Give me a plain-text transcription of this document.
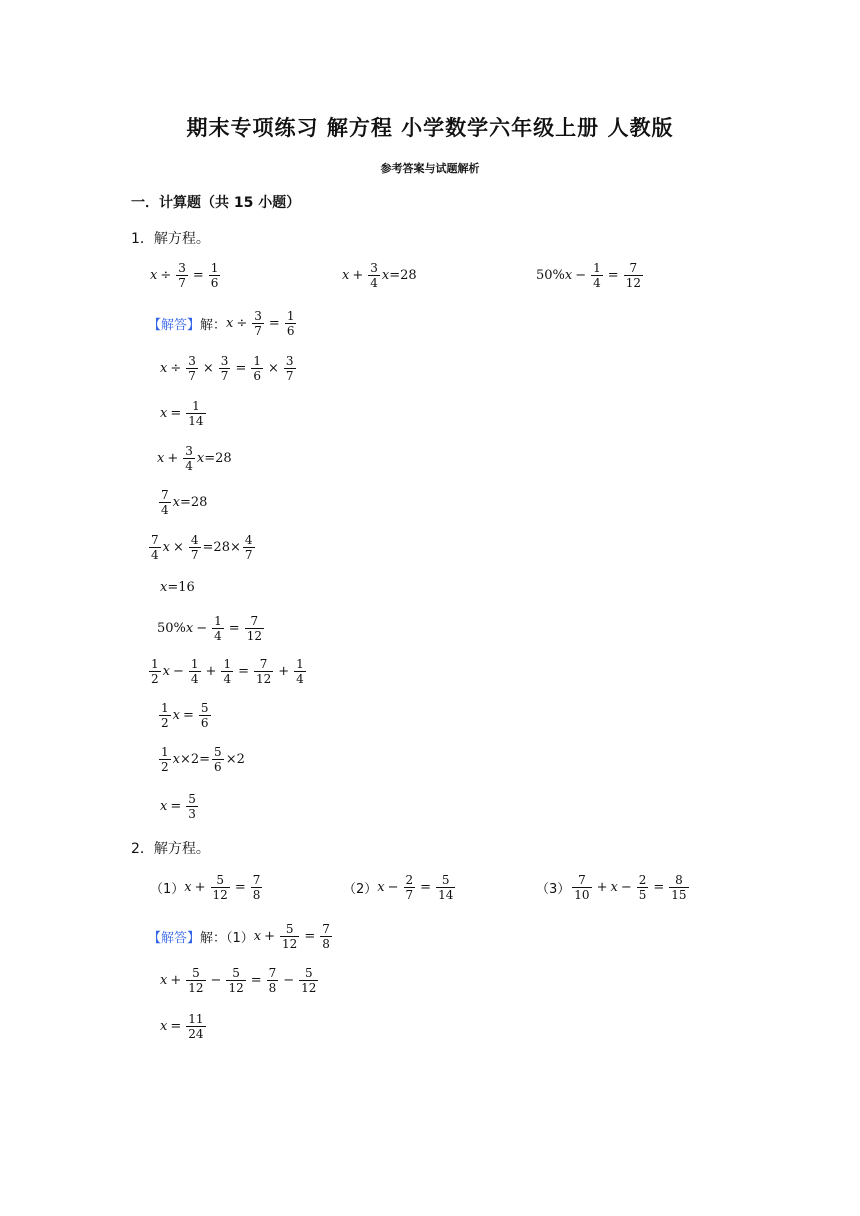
期末专项练习 解方程 小学数学六年级上册 人教版
参考答案与试题解析
一．计算题（共 15 小题）
1．解方程。
$x \div \frac{3}{7} = \frac{1}{6}$	$x + \frac{3}{4}$ x =28	50% $x - \frac{1}{4} = \frac{7}{12}$
【解答】 解： $x \div \frac{3}{7} = \frac{1}{6}$
$x \div \frac{3}{7} \times \frac{3}{7} = \frac{1}{6} \times \frac{3}{7}$
$x = \frac{1}{14}$
$x + \frac{3}{4}$ x =28
$\frac{7}{4}$ x =28
$\frac{7}{4}$ $x \times \frac{4}{7} =28\times \frac{4}{7}$
x =16
50% $x - \frac{1}{4} = \frac{7}{12}$
$\frac{1}{2}$ $x - \frac{1}{4} + \frac{1}{4} = \frac{7}{12} + \frac{1}{4}$
$\frac{1}{2}$ $x = \frac{5}{6}$
$\frac{1}{2}$ $x \times 2= \frac{5}{6} \times 2$
$x = \frac{5}{3}$
2．解方程。
（1） $x + \frac{5}{12} = \frac{7}{8}$	（2） $x - \frac{2}{7} = \frac{5}{14}$	$(3) \frac{7}{10} + x - \frac{2}{5} = \frac{8}{15}$
【解答】 解：（1） $x + \frac{5}{12} = \frac{7}{8}$
$x + \frac{5}{12} - \frac{5}{12} = \frac{7}{8} - \frac{5}{12}$
$x = \frac{11}{24}$
